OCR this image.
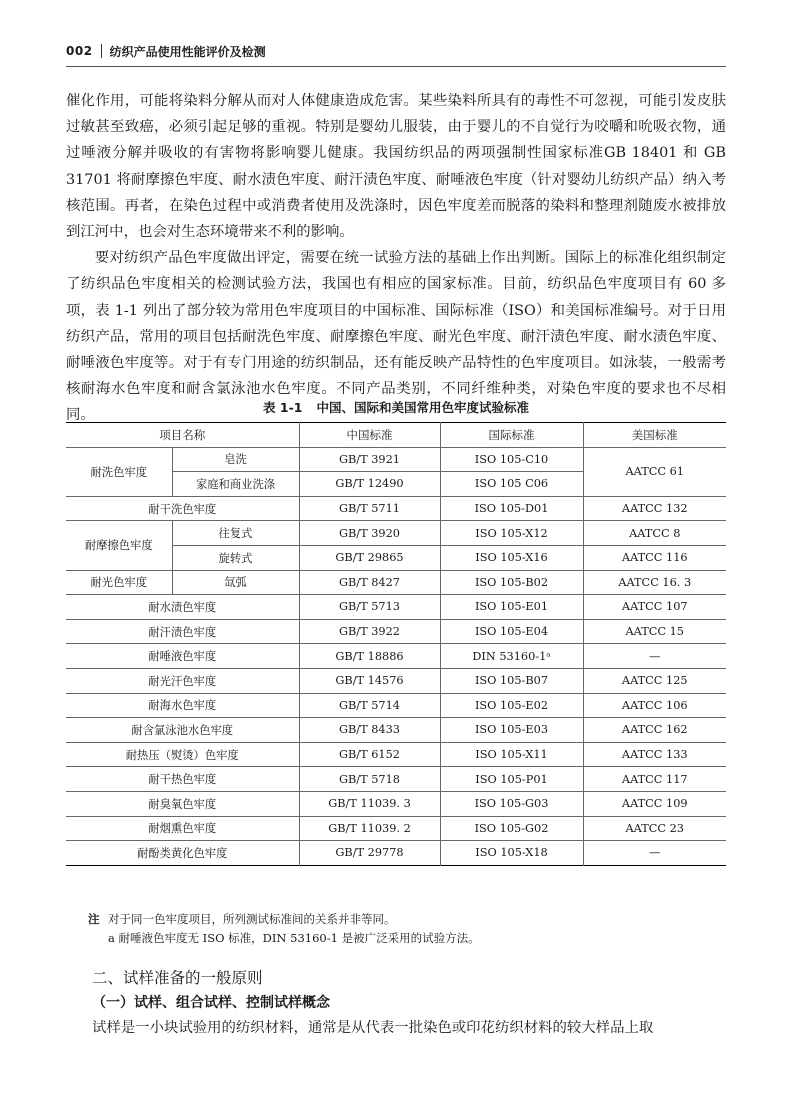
002 纺织产品使用性能评价及检测

催化作用，可能将染料分解从而对人体健康造成危害。某些染料所具有的毒性不可忽视，可能引发皮肤过敏甚至致癌，必须引起足够的重视。特别是婴幼儿服装，由于婴儿的不自觉行为咬嚼和吮吸衣物，通过唾液分解并吸收的有害物将影响婴儿健康。我国纺织品的两项强制性国家标准GB 18401 和 GB 31701 将耐摩擦色牢度、耐水渍色牢度、耐汗渍色牢度、耐唾液色牢度（针对婴幼儿纺织产品）纳入考核范围。再者，在染色过程中或消费者使用及洗涤时，因色牢度差而脱落的染料和整理剂随废水被排放到江河中，也会对生态环境带来不利的影响。

要对纺织产品色牢度做出评定，需要在统一试验方法的基础上作出判断。国际上的标准化组织制定了纺织品色牢度相关的检测试验方法，我国也有相应的国家标准。目前，纺织品色牢度项目有 60 多项，表 1-1 列出了部分较为常用色牢度项目的中国标准、国际标准（ISO）和美国标准编号。对于日用纺织产品，常用的项目包括耐洗色牢度、耐摩擦色牢度、耐光色牢度、耐汗渍色牢度、耐水渍色牢度、耐唾液色牢度等。对于有专门用途的纺织制品，还有能反映产品特性的色牢度项目。如泳装，一般需考核耐海水色牢度和耐含氯泳池水色牢度。不同产品类别，不同纤维种类，对染色牢度的要求也不尽相同。	表 1-1 中国、国际和美国常用色牢度试验标准
项目名称		中国标准	国际标准	美国标准
耐洗色牢度	皂洗	GB/T 3921	ISO 105-C10	AATCC 61
	家庭和商业洗涤	GB/T 12490	ISO 105 C06	
耐干洗色牢度		GB/T 5711	ISO 105-D01	AATCC 132
耐摩擦色牢度	往复式	GB/T 3920	ISO 105-X12	AATCC 8
	旋转式	GB/T 29865	ISO 105-X16	AATCC 116
耐光色牢度	氙弧	GB/T 8427	ISO 105-B02	AATCC 16. 3
耐水渍色牢度		GB/T 5713	ISO 105-E01	AATCC 107
耐汗渍色牢度		GB/T 3922	ISO 105-E04	AATCC 15
耐唾液色牢度		GB/T 18886	DIN 53160-1ᵃ	—
耐光汗色牢度		GB/T 14576	ISO 105-B07	AATCC 125
耐海水色牢度		GB/T 5714	ISO 105-E02	AATCC 106
耐含氯泳池水色牢度		GB/T 8433	ISO 105-E03	AATCC 162
耐热压（熨烫）色牢度		GB/T 6152	ISO 105-X11	AATCC 133
耐干热色牢度		GB/T 5718	ISO 105-P01	AATCC 117
耐臭氧色牢度		GB/T 11039. 3	ISO 105-G03	AATCC 109
耐烟熏色牢度		GB/T 11039. 2	ISO 105-G02	AATCC 23
耐酚类黄化色牢度		GB/T 29778	ISO 105-X18	—
注 对于同一色牢度项目，所列测试标准间的关系并非等同。
a 耐唾液色牢度无 ISO 标准，DIN 53160-1 是被广泛采用的试验方法。
二、试样准备的一般原则
（一）试样、组合试样、控制试样概念
试样是一小块试验用的纺织材料，通常是从代表一批染色或印花纺织材料的较大样品上取
